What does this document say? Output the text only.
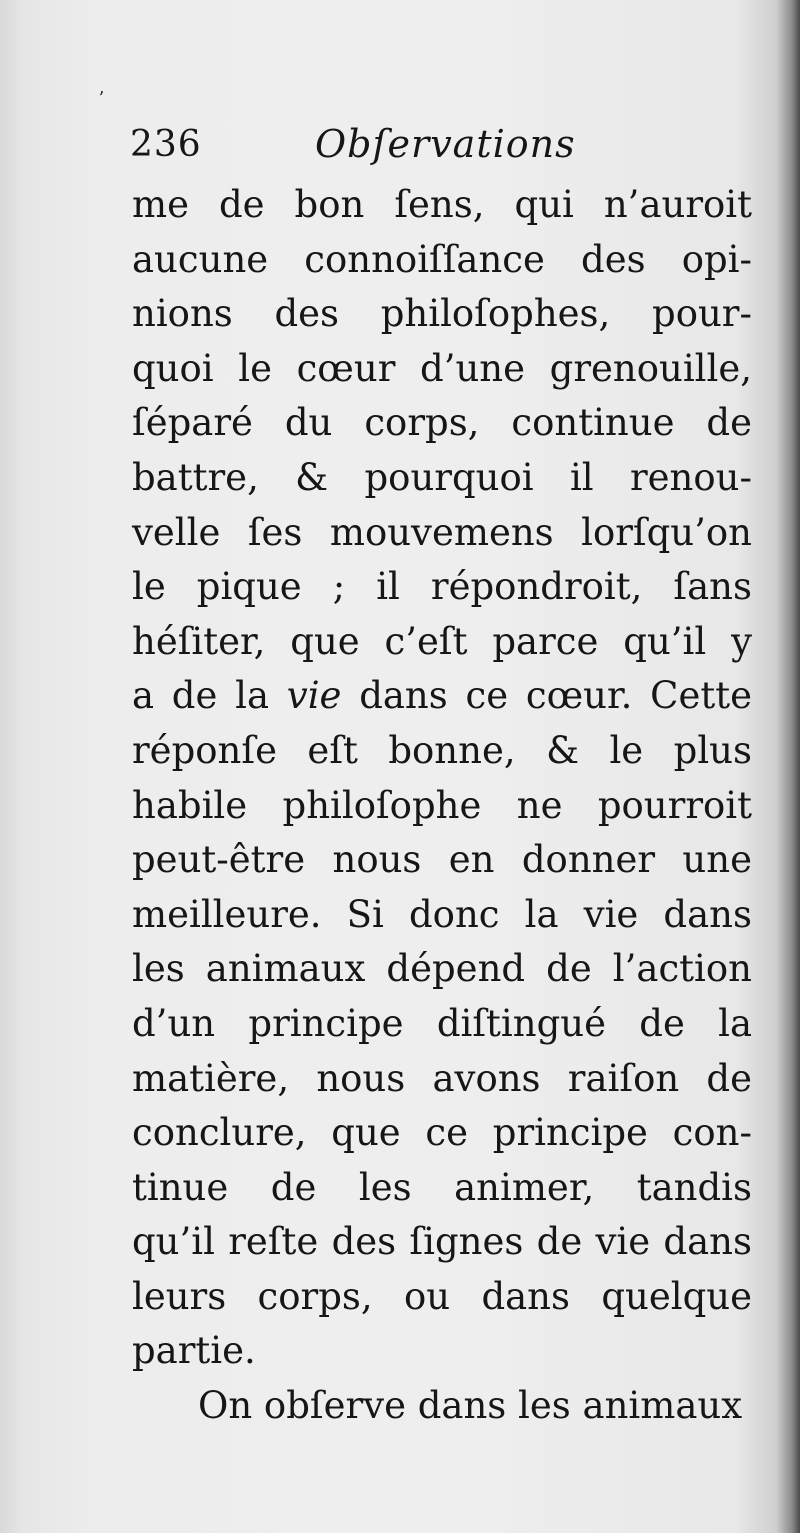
ʼ
236	Obſervations
me de bon ſens, qui n’auroit
aucune connoiſſance des opi-
nions des philoſophes, pour-
quoi le cœur d’une grenouille,
ſéparé du corps, continue de
battre, & pourquoi il renou-
velle ſes mouvemens lorſqu’on
le pique ; il répondroit, ſans
héſiter, que c’eſt parce qu’il y
a de la vie dans ce cœur. Cette
réponſe eſt bonne, & le plus
habile philoſophe ne pourroit
peut-être nous en donner une
meilleure. Si donc la vie dans
les animaux dépend de l’action
d’un principe diſtingué de la
matière, nous avons raiſon de
conclure, que ce principe con-
tinue de les animer, tandis
qu’il reſte des ſignes de vie dans
leurs corps, ou dans quelque
partie.
On obſerve dans les animaux
